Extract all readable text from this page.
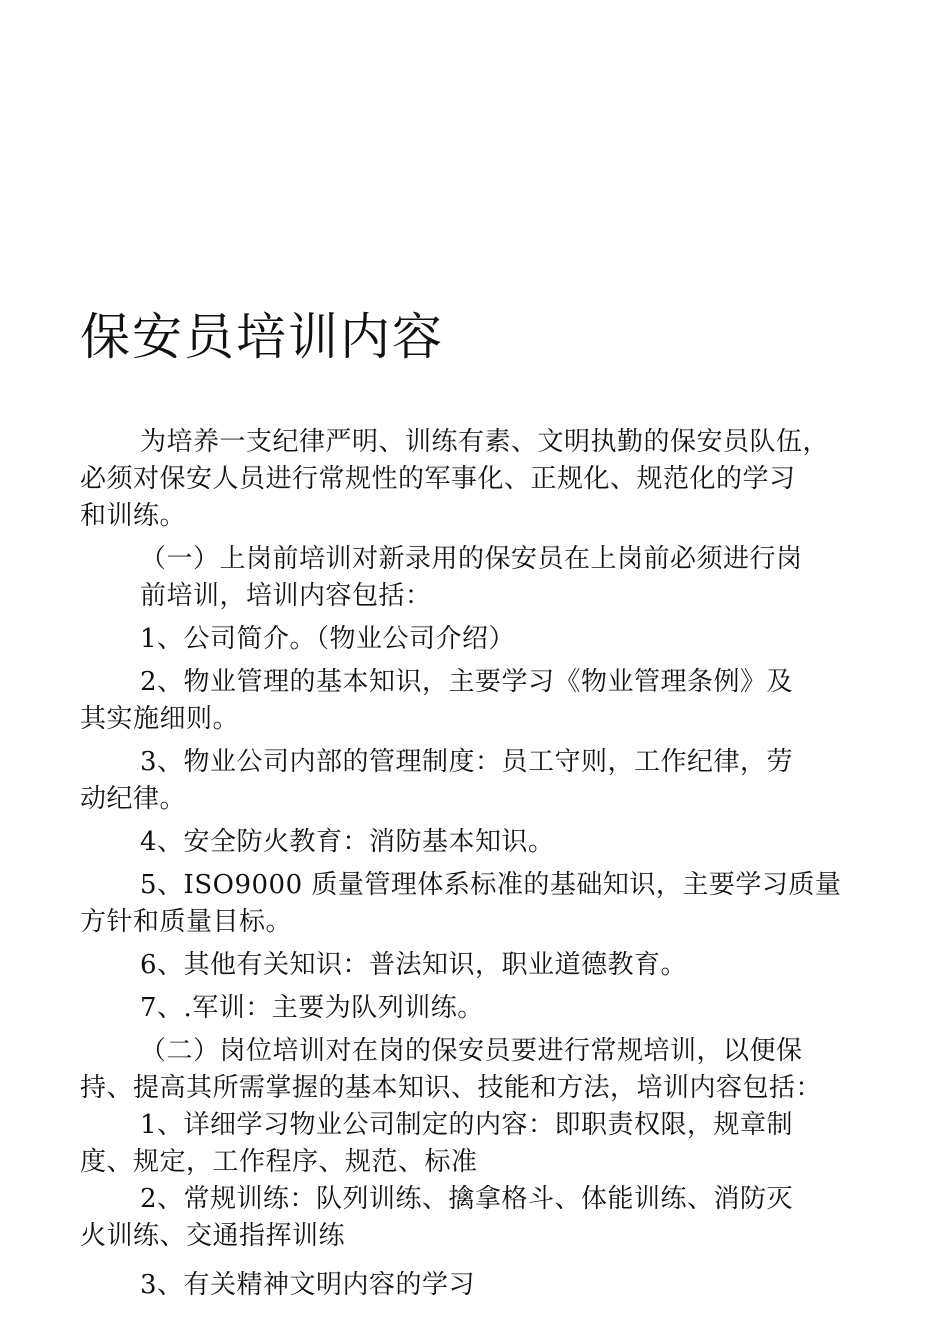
保安员培训内容

为培养一支纪律严明、训练有素、文明执勤的保安员队伍，

必须对保安人员进行常规性的军事化、正规化、规范化的学习

和训练。

（一）上岗前培训对新录用的保安员在上岗前必须进行岗

前培训，培训内容包括：

1、公司简介。（物业公司介绍）

2、物业管理的基本知识，主要学习《物业管理条例》及

其实施细则。

3、物业公司内部的管理制度：员工守则，工作纪律，劳

动纪律。

4、安全防火教育：消防基本知识。

5、ISO9000 质量管理体系标准的基础知识，主要学习质量

方针和质量目标。

6、其他有关知识：普法知识，职业道德教育。

7、.军训：主要为队列训练。

（二）岗位培训对在岗的保安员要进行常规培训，以便保

持、提高其所需掌握的基本知识、技能和方法，培训内容包括：

1、详细学习物业公司制定的内容：即职责权限，规章制

度、规定，工作程序、规范、标准

2、常规训练：队列训练、擒拿格斗、体能训练、消防灭

火训练、交通指挥训练

3、有关精神文明内容的学习
